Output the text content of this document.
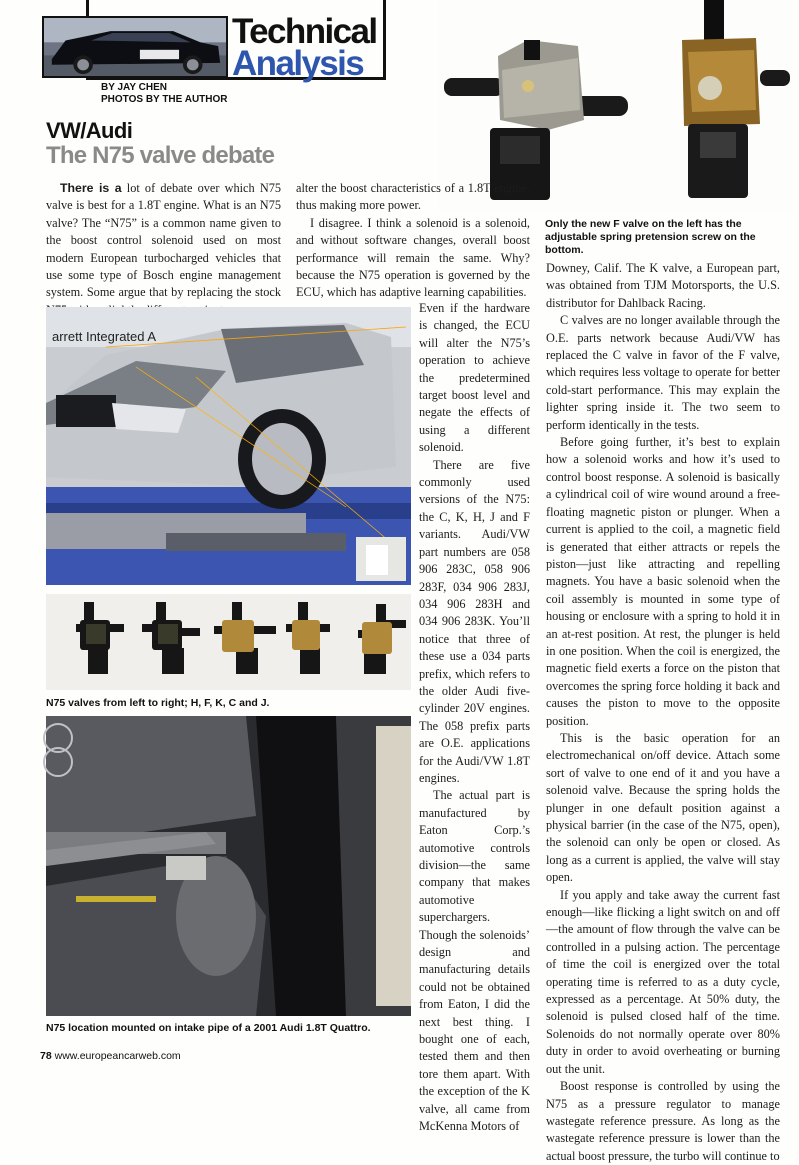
Technical
Analysis
BY JAY CHEN
PHOTOS BY THE AUTHOR
VW/Audi
The N75 valve debate
Only the new F valve on the left has the adjustable spring pretension screw on the bottom.

There is a lot of debate over which N75 valve is best for a 1.8T engine. What is an N75 valve? The “N75” is a common name given to the boost control solenoid used on most modern European turbocharged vehicles that use some type of Bosch engine management system. Some argue that by replacing the stock

alter the boost characteristics of a 1.8T engine, thus making more power.

I disagree. I think a solenoid is a solenoid, and without software changes, overall boost performance will remain the same. Why? because the N75 operation is governed by the ECU, which has adaptive learning capabilities.

arrett Integrated A

Even if the hardware is changed, the ECU will alter the N75’s operation to achieve the predetermined target boost level and negate the effects of using a different solenoid.

There are five commonly used versions of the N75: the C, K, H, J and F variants. Audi/VW part numbers are 058 906 283C, 058 906 283F, 034 906 283J, 034 906 283H and 034 906 283K. You’ll notice that three of these use a 034 parts prefix, which refers to the older Audi five-cylinder 20V engines. The 058 prefix parts are O.E. applications for the Audi/VW 1.8T engines.

The actual part is manufactured by Eaton Corp.’s automotive controls division—the same company that makes automotive superchargers. Though the solenoids’ design and manufacturing details could not be obtained from Eaton, I did the next best thing. I bought one of each, tested them and then tore them apart. With the exception of the K valve, all came from McKenna Motors of

N75 valves from left to right; H, F, K, C and J.
N75 location mounted on intake pipe of a 2001 Audi 1.8T Quattro.

Downey, Calif. The K valve, a European part, was obtained from TJM Motorsports, the U.S. distributor for Dahlback Racing.

C valves are no longer available through the O.E. parts network because Audi/VW has replaced the C valve in favor of the F valve, which requires less voltage to operate for better cold-start performance. This may explain the lighter spring inside it. The two seem to perform identically in the tests.

Before going further, it’s best to explain how a solenoid works and how it’s used to control boost response. A solenoid is basically a cylindrical coil of wire wound around a free-floating magnetic piston or plunger. When a current is applied to the coil, a magnetic field is generated that either attracts or repels the piston—just like attracting and repelling magnets. You have a basic solenoid when the coil assembly is mounted in some type of housing or enclosure with a spring to hold it in an at-rest position. At rest, the plunger is held in one position. When the coil is energized, the magnetic field exerts a force on the piston that overcomes the spring force holding it back and causes the piston to move to the opposite position.

This is the basic operation for an electromechanical on/off device. Attach some sort of valve to one end of it and you have a solenoid valve. Because the spring holds the plunger in one default position against a physical barrier (in the case of the N75, open), the solenoid can only be open or closed. As long as a current is applied, the valve will stay open.

If you apply and take away the current fast enough—like flicking a light switch on and off—the amount of flow through the valve can be controlled in a pulsing action. The percentage of time the coil is energized over the total operating time is referred to as a duty cycle, expressed as a percentage. At 50% duty, the solenoid is pulsed closed half of the time. Solenoids do not normally operate over 80% duty in order to avoid overheating or burning out the unit.

Boost response is controlled by using the N75 as a pressure regulator to manage wastegate reference pressure. As long as the wastegate reference pressure is lower than the actual boost pressure, the turbo will continue to

78 www.europeancarweb.com
